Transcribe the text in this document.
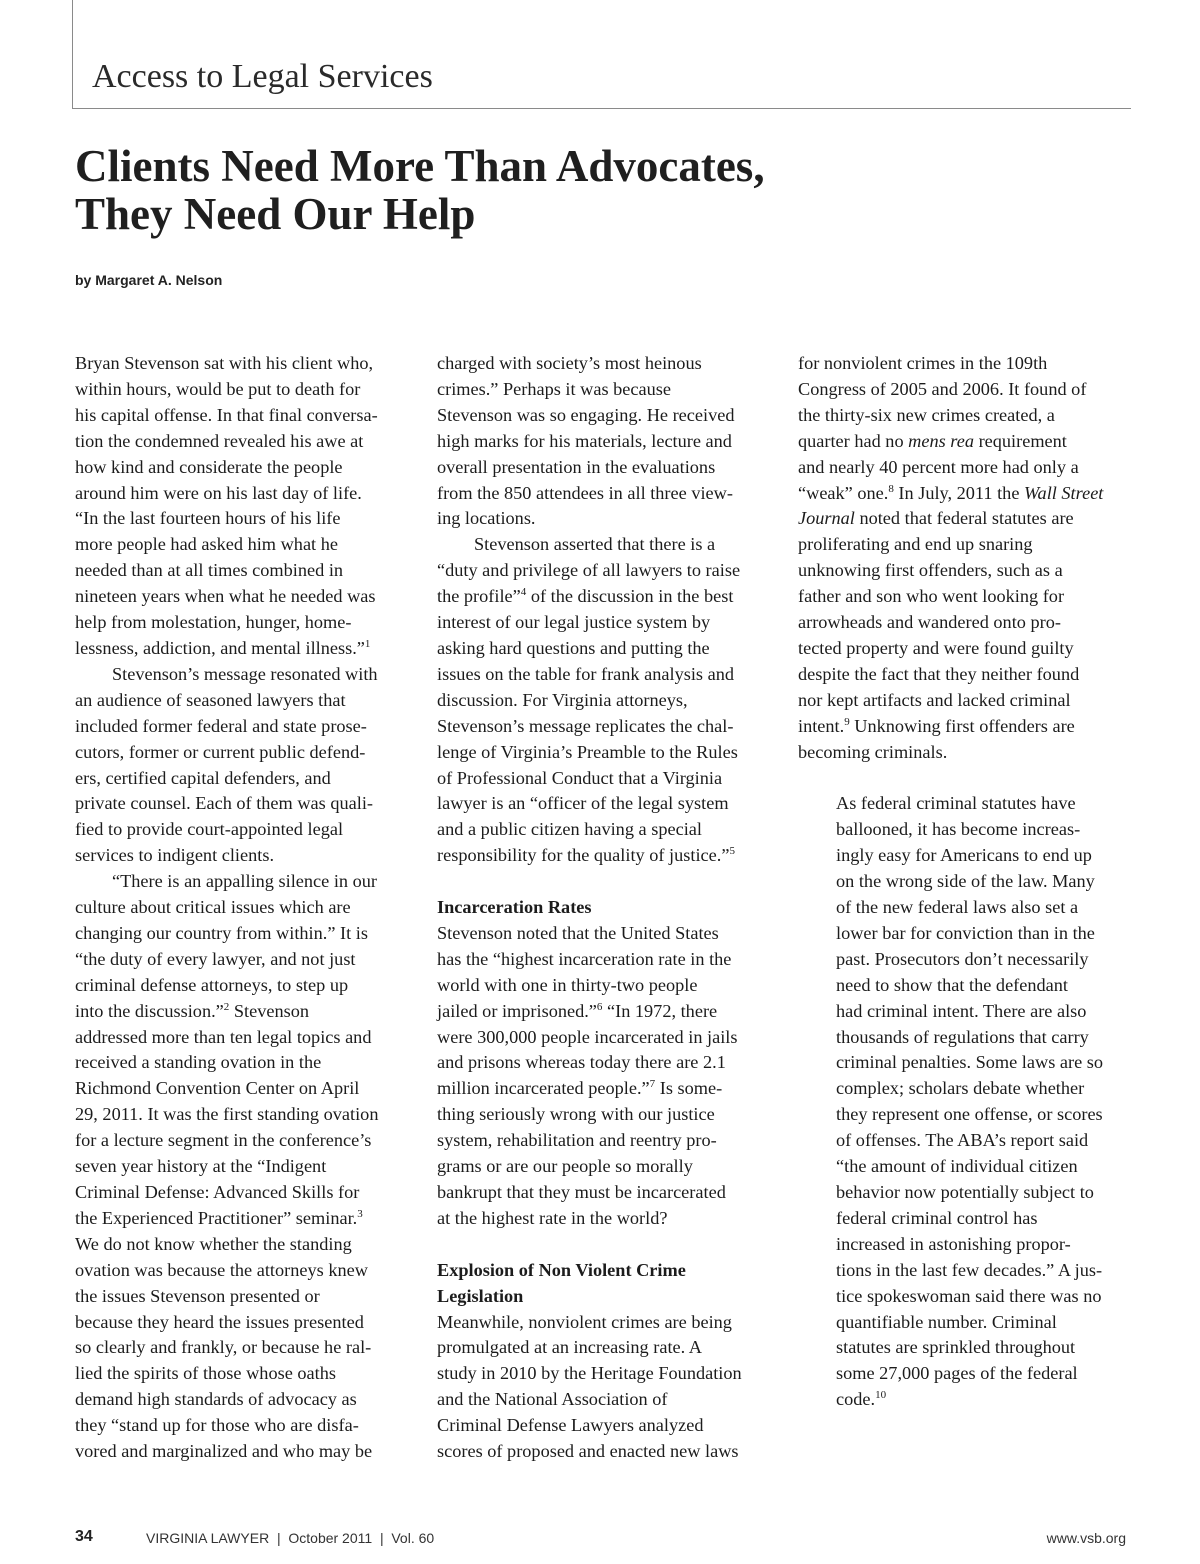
Access to Legal Services
Clients Need More Than Advocates,
They Need Our Help
by Margaret A. Nelson
Bryan Stevenson sat with his client who,
within hours, would be put to death for
his capital offense. In that final conversa-
tion the condemned revealed his awe at
how kind and considerate the people
around him were on his last day of life.
“In the last fourteen hours of his life
more people had asked him what he
needed than at all times combined in
nineteen years when what he needed was
help from molestation, hunger, home-
lessness, addiction, and mental illness.”$^1$
Stevenson’s message resonated with
an audience of seasoned lawyers that
included former federal and state prose-
cutors, former or current public defend-
ers, certified capital defenders, and
private counsel. Each of them was quali-
fied to provide court-appointed legal
services to indigent clients.
“There is an appalling silence in our
culture about critical issues which are
changing our country from within.” It is
“the duty of every lawyer, and not just
criminal defense attorneys, to step up
into the discussion.”$^2$ Stevenson
addressed more than ten legal topics and
received a standing ovation in the
Richmond Convention Center on April
29, 2011. It was the first standing ovation
for a lecture segment in the conference’s
seven year history at the “Indigent
Criminal Defense: Advanced Skills for
the Experienced Practitioner” seminar.$^3$
We do not know whether the standing
ovation was because the attorneys knew
the issues Stevenson presented or
because they heard the issues presented
so clearly and frankly, or because he ral-
lied the spirits of those whose oaths
demand high standards of advocacy as
they “stand up for those who are disfa-
vored and marginalized and who may be
charged with society’s most heinous
crimes.” Perhaps it was because
Stevenson was so engaging. He received
high marks for his materials, lecture and
overall presentation in the evaluations
from the 850 attendees in all three view-
ing locations.
Stevenson asserted that there is a
“duty and privilege of all lawyers to raise
the profile”$^4$ of the discussion in the best
interest of our legal justice system by
asking hard questions and putting the
issues on the table for frank analysis and
discussion. For Virginia attorneys,
Stevenson’s message replicates the chal-
lenge of Virginia’s Preamble to the Rules
of Professional Conduct that a Virginia
lawyer is an “officer of the legal system
and a public citizen having a special
responsibility for the quality of justice.”$^5$
Incarceration Rates
Stevenson noted that the United States
has the “highest incarceration rate in the
world with one in thirty-two people
jailed or imprisoned.”$^6$ “In 1972, there
were 300,000 people incarcerated in jails
and prisons whereas today there are 2.1
million incarcerated people.”$^7$ Is some-
thing seriously wrong with our justice
system, rehabilitation and reentry pro-
grams or are our people so morally
bankrupt that they must be incarcerated
at the highest rate in the world?
Explosion of Non Violent Crime
Legislation
Meanwhile, nonviolent crimes are being
promulgated at an increasing rate. A
study in 2010 by the Heritage Foundation
and the National Association of
Criminal Defense Lawyers analyzed
scores of proposed and enacted new laws
for nonviolent crimes in the 109th
Congress of 2005 and 2006. It found of
the thirty-six new crimes created, a
quarter had no mens rea requirement
and nearly 40 percent more had only a
“weak” one.$^8$ In July, 2011 the Wall Street
Journal noted that federal statutes are
proliferating and end up snaring
unknowing first offenders, such as a
father and son who went looking for
arrowheads and wandered onto pro-
tected property and were found guilty
despite the fact that they neither found
nor kept artifacts and lacked criminal
intent.$^9$ Unknowing first offenders are
becoming criminals.
As federal criminal statutes have
ballooned, it has become increas-
ingly easy for Americans to end up
on the wrong side of the law. Many
of the new federal laws also set a
lower bar for conviction than in the
past. Prosecutors don’t necessarily
need to show that the defendant
had criminal intent. There are also
thousands of regulations that carry
criminal penalties. Some laws are so
complex; scholars debate whether
they represent one offense, or scores
of offenses. The ABA’s report said
“the amount of individual citizen
behavior now potentially subject to
federal criminal control has
increased in astonishing propor-
tions in the last few decades.” A jus-
tice spokeswoman said there was no
quantifiable number. Criminal
statutes are sprinkled throughout
some 27,000 pages of the federal
code.$^{10}$
34	VIRGINIA LAWYER  |  October 2011  |  Vol. 60	www.vsb.org
